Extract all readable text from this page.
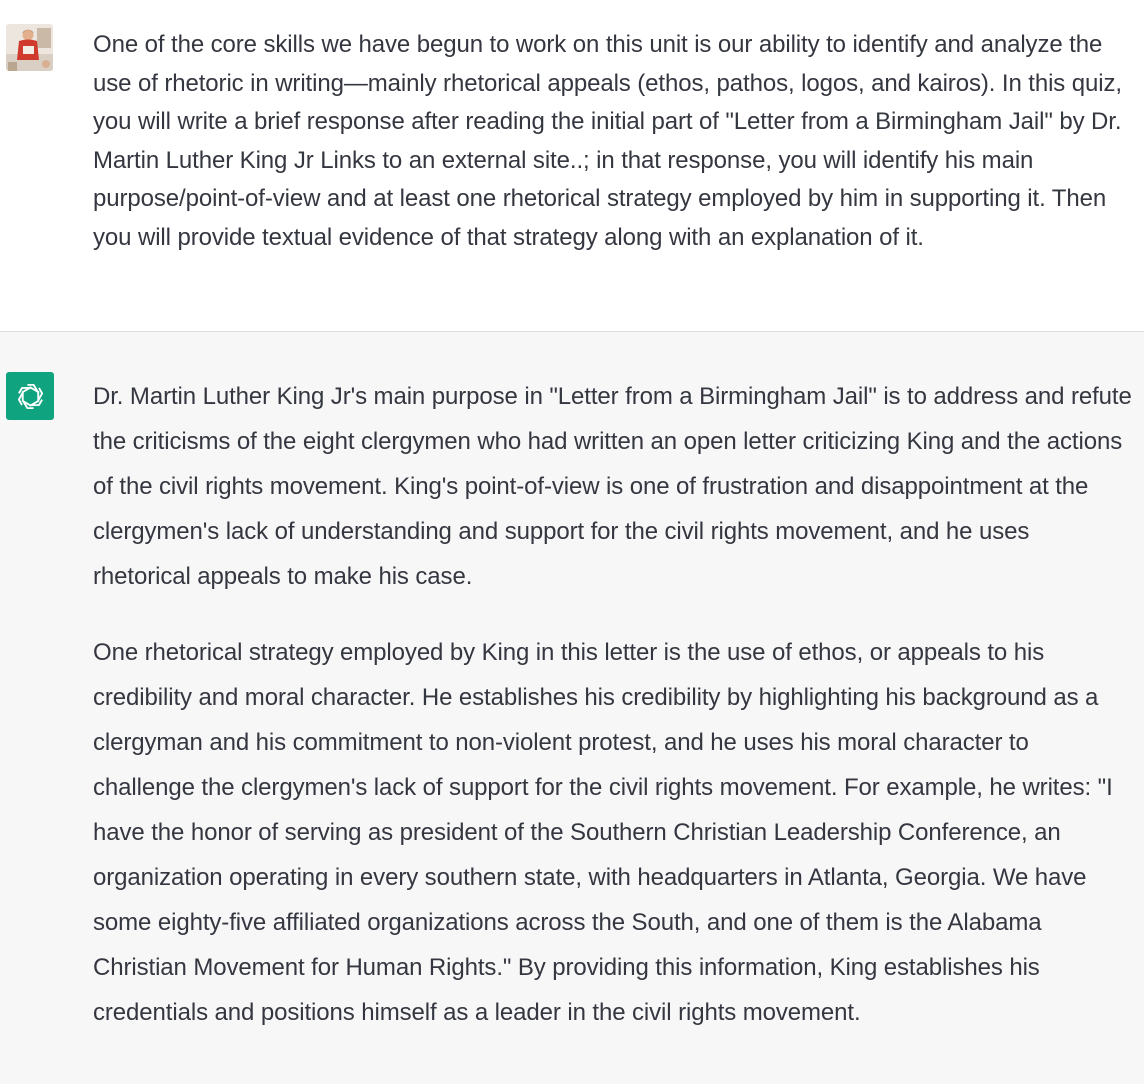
One of the core skills we have begun to work on this unit is our ability to identify and analyze the use of rhetoric in writing—mainly rhetorical appeals (ethos, pathos, logos, and kairos). In this quiz, you will write a brief response after reading the initial part of "Letter from a Birmingham Jail" by Dr. Martin Luther King Jr Links to an external site..; in that response, you will identify his main purpose/point-of-view and at least one rhetorical strategy employed by him in supporting it. Then you will provide textual evidence of that strategy along with an explanation of it.

Dr. Martin Luther King Jr's main purpose in "Letter from a Birmingham Jail" is to address and refute the criticisms of the eight clergymen who had written an open letter criticizing King and the actions of the civil rights movement. King's point-of-view is one of frustration and disappointment at the clergymen's lack of understanding and support for the civil rights movement, and he uses rhetorical appeals to make his case.

One rhetorical strategy employed by King in this letter is the use of ethos, or appeals to his credibility and moral character. He establishes his credibility by highlighting his background as a clergyman and his commitment to non-violent protest, and he uses his moral character to challenge the clergymen's lack of support for the civil rights movement. For example, he writes: "I have the honor of serving as president of the Southern Christian Leadership Conference, an organization operating in every southern state, with headquarters in Atlanta, Georgia. We have some eighty-five affiliated organizations across the South, and one of them is the Alabama Christian Movement for Human Rights." By providing this information, King establishes his credentials and positions himself as a leader in the civil rights movement.
